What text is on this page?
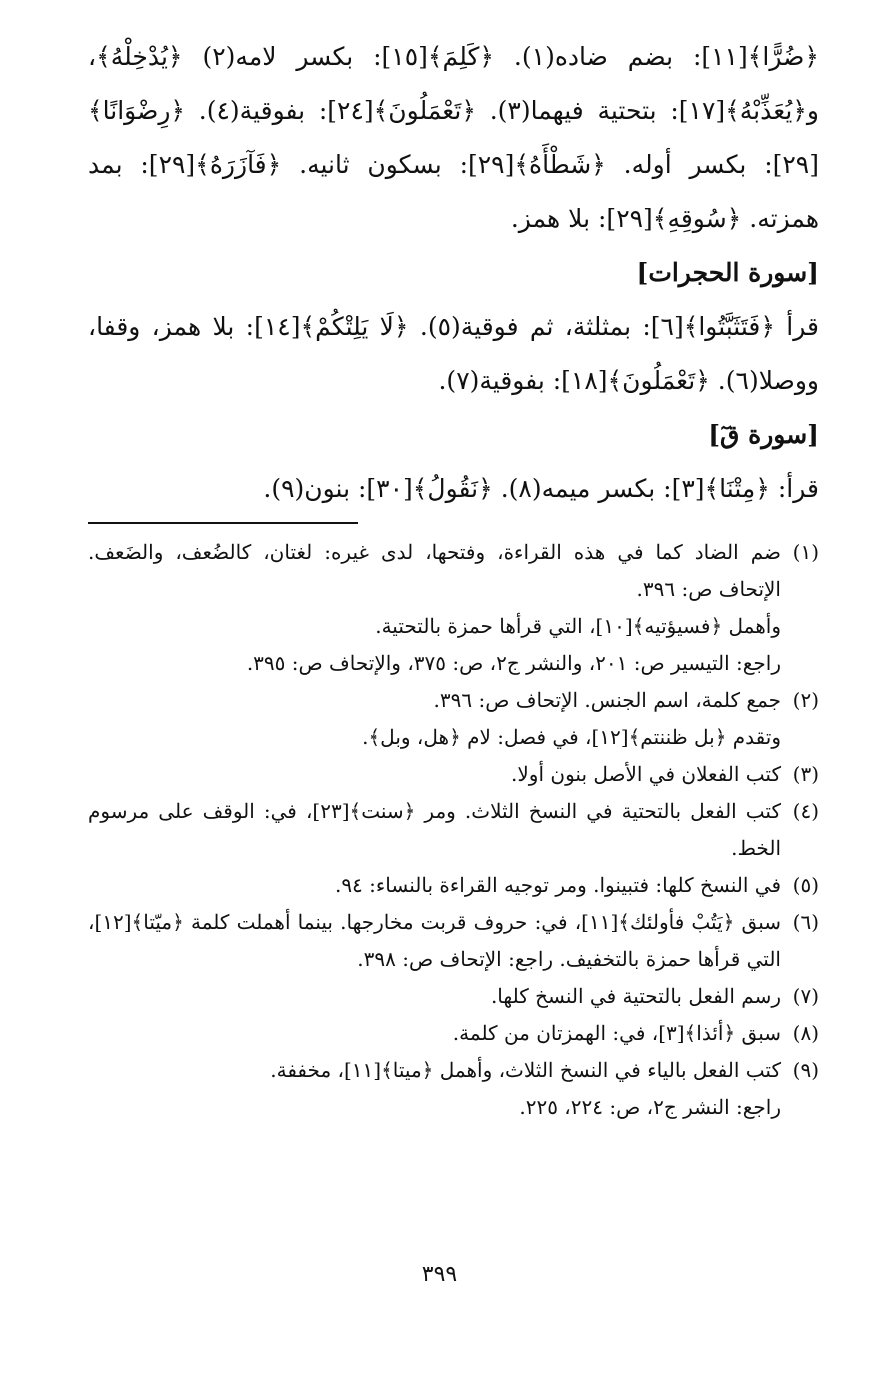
﴿ضُرًّا﴾[١١]: بضم ضاده(١). ﴿كَلِمَ﴾[١٥]: بكسر لامه(٢) ﴿يُدْخِلْهُ﴾، و﴿يُعَذِّبْهُ﴾[١٧]: بتحتية فيهما(٣). ﴿تَعْمَلُونَ﴾[٢٤]: بفوقية(٤). ﴿رِضْوَانًا﴾[٢٩]: بكسر أوله. ﴿شَطْأَهُ﴾[٢٩]: بسكون ثانيه. ﴿فَآزَرَهُ﴾[٢٩]: بمد همزته. ﴿سُوقِهِ﴾[٢٩]: بلا همز.

[سورة الحجرات]

قرأ ﴿فَتَثَبَّتُوا﴾[٦]: بمثلثة، ثم فوقية(٥). ﴿لَا يَلِتْكُمْ﴾[١٤]: بلا همز، وقفا، ووصلا(٦). ﴿تَعْمَلُونَ﴾[١٨]: بفوقية(٧).

[سورة قٓ]

قرأ: ﴿مِتْنَا﴾[٣]: بكسر ميمه(٨). ﴿نَقُولُ﴾[٣٠]: بنون(٩).

(١)
ضم الضاد كما في هذه القراءة، وفتحها، لدى غيره: لغتان، كالضُعف، والضَعف. الإتحاف ص: ٣٩٦.

وأهمل ﴿فسيؤتيه﴾[١٠]، التي قرأها حمزة بالتحتية.

راجع: التيسير ص: ٢٠١، والنشر ج٢، ص: ٣٧٥، والإتحاف ص: ٣٩٥.

(٢)
جمع كلمة، اسم الجنس. الإتحاف ص: ٣٩٦.

وتقدم ﴿بل ظننتم﴾[١٢]، في فصل: لام ﴿هل، وبل﴾.

(٣)
كتب الفعلان في الأصل بنون أولا.
(٤)
كتب الفعل بالتحتية في النسخ الثلاث. ومر ﴿سنت﴾[٢٣]، في: الوقف على مرسوم الخط.
(٥)
في النسخ كلها: فتبينوا. ومر توجيه القراءة بالنساء: ٩٤.
(٦)
سبق ﴿يَتُبْ فأولئك﴾[١١]، في: حروف قربت مخارجها. بينما أهملت كلمة ﴿ميّتا﴾[١٢]، التي قرأها حمزة بالتخفيف. راجع: الإتحاف ص: ٣٩٨.
(٧)
رسم الفعل بالتحتية في النسخ كلها.
(٨)
سبق ﴿أئذا﴾[٣]، في: الهمزتان من كلمة.
(٩)
كتب الفعل بالياء في النسخ الثلاث، وأهمل ﴿ميتا﴾[١١]، مخففة.

راجع: النشر ج٢، ص: ٢٢٤، ٢٢٥.

٣٩٩
